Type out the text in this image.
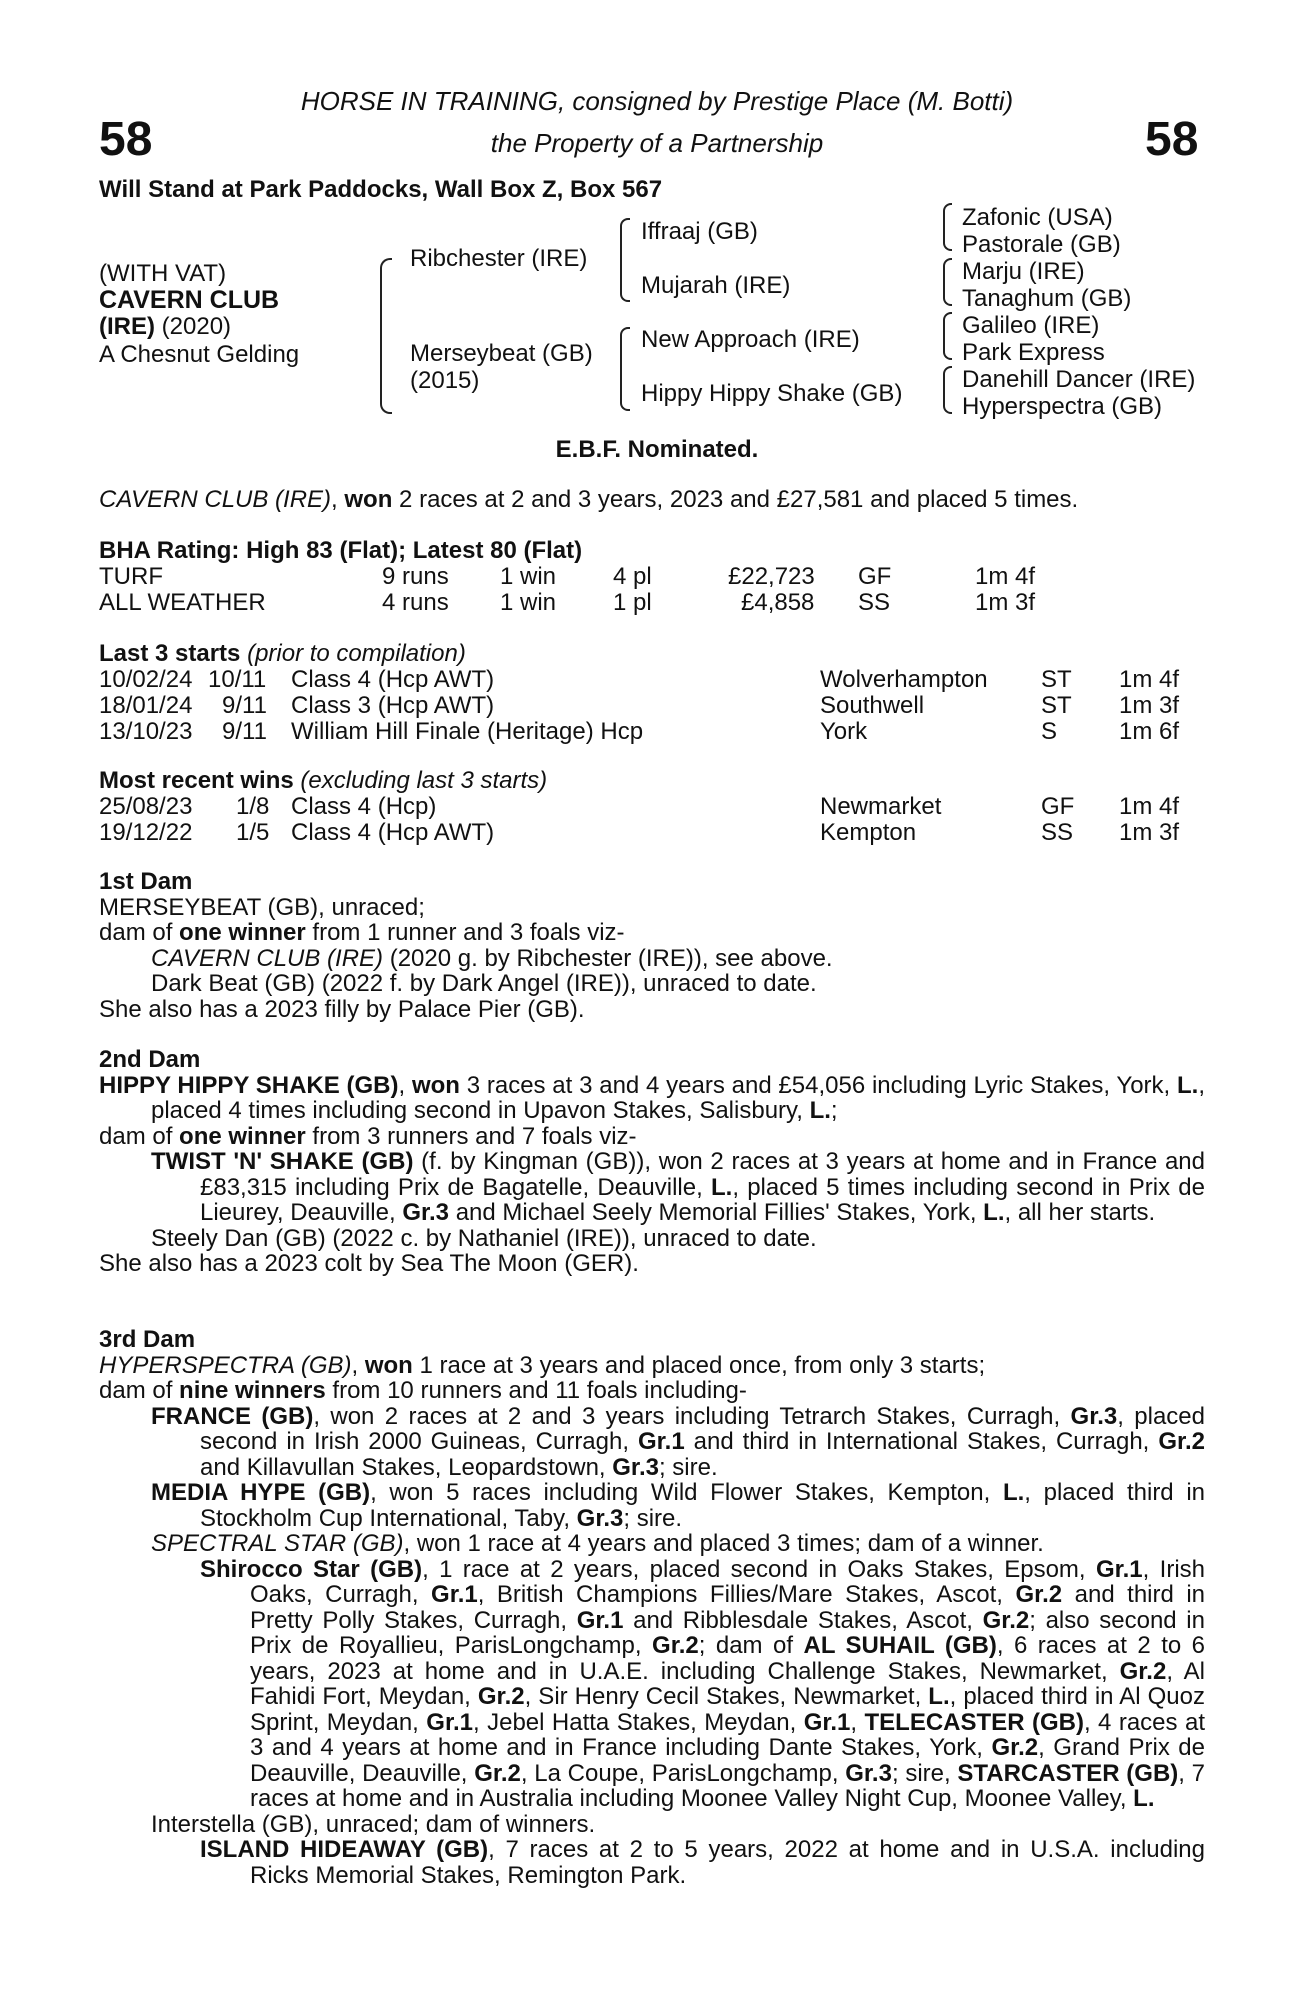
58	58
HORSE IN TRAINING, consigned by Prestige Place (M. Botti)
the Property of a Partnership
Will Stand at Park Paddocks, Wall Box Z, Box 567
(WITH VAT)
CAVERN CLUB
(IRE) (2020)
A Chesnut Gelding
Ribchester (IRE)
Merseybeat (GB)
(2015)
Iffraaj (GB)
Mujarah (IRE)
New Approach (IRE)
Hippy Hippy Shake (GB)
Zafonic (USA)
Pastorale (GB)
Marju (IRE)
Tanaghum (GB)
Galileo (IRE)
Park Express
Danehill Dancer (IRE)
Hyperspectra (GB)
E.B.F. Nominated.
CAVERN CLUB (IRE), won 2 races at 2 and 3 years, 2023 and £27,581 and placed 5 times.
BHA Rating: High 83 (Flat); Latest 80 (Flat)
TURF	9 runs 1 win 4 pl	£22,723 GF	1m 4f
ALL WEATHER	4 runs 1 win 1 pl	£4,858 SS	1m 3f
Last 3 starts (prior to compilation)
10/02/24 10/11 Class 4 (Hcp AWT)	Wolverhampton ST 1m 4f
18/01/24 9/11 Class 3 (Hcp AWT)	Southwell	ST 1m 3f
13/10/23 9/11 William Hill Finale (Heritage) Hcp	York	S	1m 6f
Most recent wins (excluding last 3 starts)
25/08/23 1/8 Class 4 (Hcp)	Newmarket	GF 1m 4f
19/12/22 1/5 Class 4 (Hcp AWT)	Kempton	SS 1m 3f

1st Dam

MERSEYBEAT (GB), unraced;

dam of one winner from 1 runner and 3 foals viz-

CAVERN CLUB (IRE) (2020 g. by Ribchester (IRE)), see above.

Dark Beat (GB) (2022 f. by Dark Angel (IRE)), unraced to date.

She also has a 2023 filly by Palace Pier (GB).

2nd Dam

HIPPY HIPPY SHAKE (GB), won 3 races at 3 and 4 years and £54,056 including Lyric Stakes, York, L., placed 4 times including second in Upavon Stakes, Salisbury, L.;

dam of one winner from 3 runners and 7 foals viz-

TWIST 'N' SHAKE (GB) (f. by Kingman (GB)), won 2 races at 3 years at home and in France and £83,315 including Prix de Bagatelle, Deauville, L., placed 5 times including second in Prix de Lieurey, Deauville, Gr.3 and Michael Seely Memorial Fillies' Stakes, York, L., all her starts.

Steely Dan (GB) (2022 c. by Nathaniel (IRE)), unraced to date.

She also has a 2023 colt by Sea The Moon (GER).

3rd Dam

HYPERSPECTRA (GB), won 1 race at 3 years and placed once, from only 3 starts;

dam of nine winners from 10 runners and 11 foals including-

FRANCE (GB), won 2 races at 2 and 3 years including Tetrarch Stakes, Curragh, Gr.3, placed second in Irish 2000 Guineas, Curragh, Gr.1 and third in International Stakes, Curragh, Gr.2 and Killavullan Stakes, Leopardstown, Gr.3; sire.

MEDIA HYPE (GB), won 5 races including Wild Flower Stakes, Kempton, L., placed third in Stockholm Cup International, Taby, Gr.3; sire.

SPECTRAL STAR (GB), won 1 race at 4 years and placed 3 times; dam of a winner.

Shirocco Star (GB), 1 race at 2 years, placed second in Oaks Stakes, Epsom, Gr.1, Irish Oaks, Curragh, Gr.1, British Champions Fillies/Mare Stakes, Ascot, Gr.2 and third in Pretty Polly Stakes, Curragh, Gr.1 and Ribblesdale Stakes, Ascot, Gr.2; also second in Prix de Royallieu, ParisLongchamp, Gr.2; dam of AL SUHAIL (GB), 6 races at 2 to 6 years, 2023 at home and in U.A.E. including Challenge Stakes, Newmarket, Gr.2, Al Fahidi Fort, Meydan, Gr.2, Sir Henry Cecil Stakes, Newmarket, L., placed third in Al Quoz Sprint, Meydan, Gr.1, Jebel Hatta Stakes, Meydan, Gr.1, TELECASTER (GB), 4 races at 3 and 4 years at home and in France including Dante Stakes, York, Gr.2, Grand Prix de Deauville, Deauville, Gr.2, La Coupe, ParisLongchamp, Gr.3; sire, STARCASTER (GB), 7 races at home and in Australia including Moonee Valley Night Cup, Moonee Valley, L.

Interstella (GB), unraced; dam of winners.

ISLAND HIDEAWAY (GB), 7 races at 2 to 5 years, 2022 at home and in U.S.A. including Ricks Memorial Stakes, Remington Park.
